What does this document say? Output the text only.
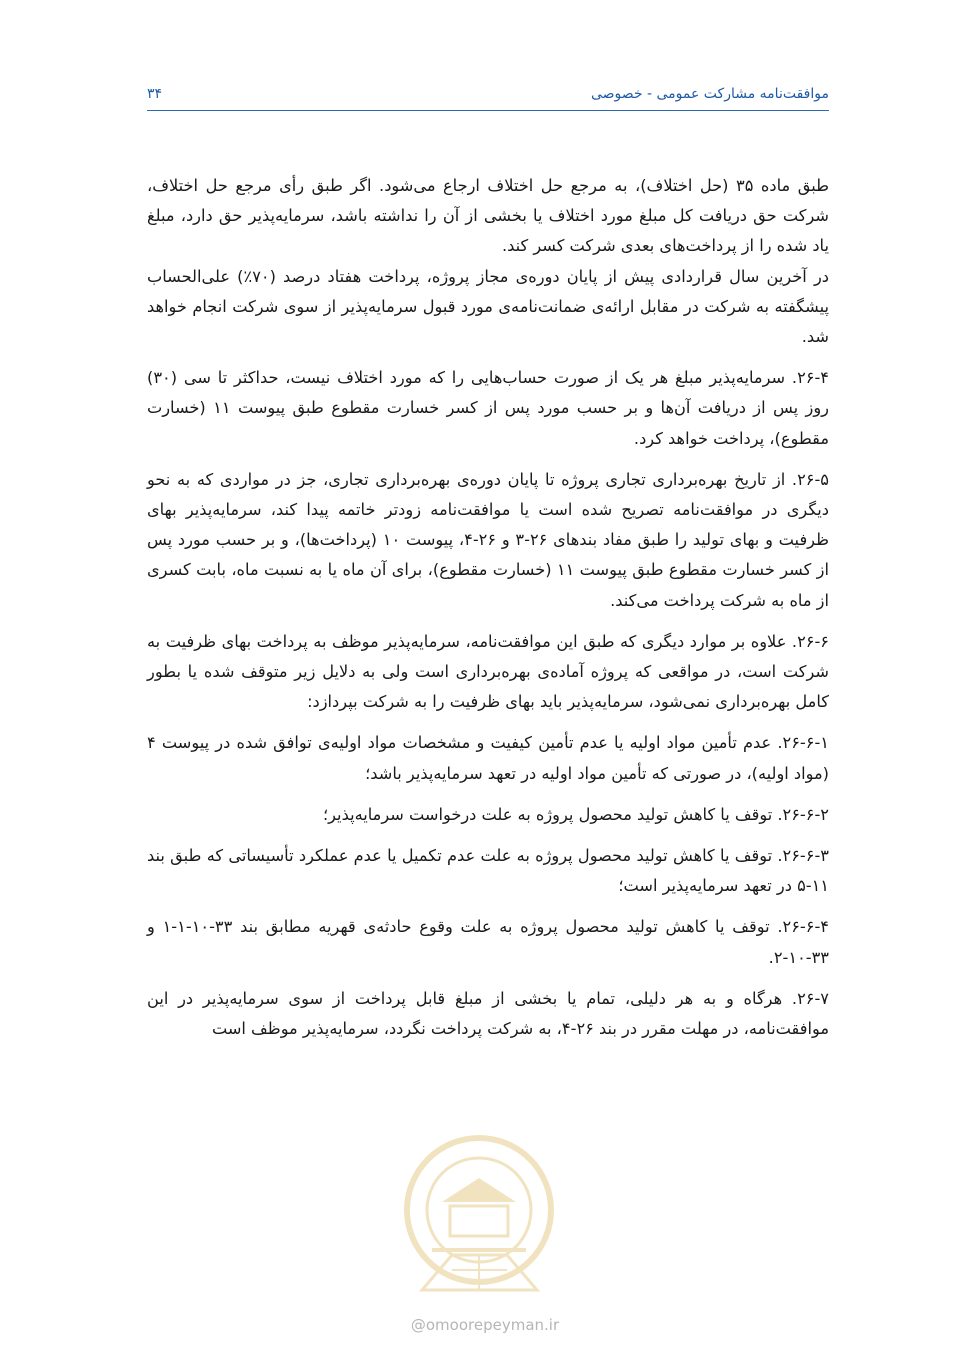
موافقت‌نامه مشارکت عمومی - خصوصی
۳۴

طبق ماده ۳۵ (حل اختلاف)، به مرجع حل اختلاف ارجاع می‌شود. اگر طبق رأی مرجع حل اختلاف، شرکت حق دریافت کل مبلغ مورد اختلاف یا بخشی از آن را نداشته باشد، سرمایه‌پذیر حق دارد، مبلغ یاد شده را از پرداخت‌های بعدی شرکت کسر کند.

در آخرین سال قراردادی پیش از پایان دوره‌ی مجاز پروژه، پرداخت هفتاد درصد (۷۰٪) علی‌الحساب پیشگفته به شرکت در مقابل ارائه‌ی ضمانت‌نامه‌ی مورد قبول سرمایه‌پذیر از سوی شرکت انجام خواهد شد.

۲۶-۴. سرمایه‌پذیر مبلغ هر یک از صورت حساب‌هایی را که مورد اختلاف نیست، حداکثر تا سی (۳۰) روز پس از دریافت آن‌ها و بر حسب مورد پس از کسر خسارت مقطوع طبق پیوست ۱۱ (خسارت مقطوع)، پرداخت خواهد کرد.

۲۶-۵. از تاریخ بهره‌برداری تجاری پروژه تا پایان دوره‌ی بهره‌برداری تجاری، جز در مواردی که به نحو دیگری در موافقت‌نامه تصریح شده است یا موافقت‌نامه زودتر خاتمه پیدا کند، سرمایه‌پذیر بهای ظرفیت و بهای تولید را طبق مفاد بندهای ۲۶-۳ و ۲۶-۴، پیوست ۱۰ (پرداخت‌ها)، و بر حسب مورد پس از کسر خسارت مقطوع طبق پیوست ۱۱ (خسارت مقطوع)، برای آن ماه یا به نسبت ماه، بابت کسری از ماه به شرکت پرداخت می‌کند.

۲۶-۶. علاوه بر موارد دیگری که طبق این موافقت‌نامه، سرمایه‌پذیر موظف به پرداخت بهای ظرفیت به شرکت است، در مواقعی که پروژه آماده‌ی بهره‌برداری است ولی به دلایل زیر متوقف شده یا بطور کامل بهره‌برداری نمی‌شود، سرمایه‌پذیر باید بهای ظرفیت را به شرکت بپردازد:

۲۶-۶-۱. عدم تأمین مواد اولیه یا عدم تأمین کیفیت و مشخصات مواد اولیه‌ی توافق شده در پیوست ۴ (مواد اولیه)، در صورتی که تأمین مواد اولیه در تعهد سرمایه‌پذیر باشد؛

۲۶-۶-۲. توقف یا کاهش تولید محصول پروژه به علت درخواست سرمایه‌پذیر؛

۲۶-۶-۳. توقف یا کاهش تولید محصول پروژه به علت عدم تکمیل یا عدم عملکرد تأسیساتی که طبق بند ۱۱-۵ در تعهد سرمایه‌پذیر است؛

۲۶-۶-۴. توقف یا کاهش تولید محصول پروژه به علت وقوع حادثه‌ی قهریه مطابق بند ۳۳-۱۰-۱-۱ و ۳۳-۱۰-۲.

۲۶-۷. هرگاه و به هر دلیلی، تمام یا بخشی از مبلغ قابل پرداخت از سوی سرمایه‌پذیر در این موافقت‌نامه، در مهلت مقرر در بند ۲۶-۴، به شرکت پرداخت نگردد، سرمایه‌پذیر موظف است

@omoorepeyman.ir
